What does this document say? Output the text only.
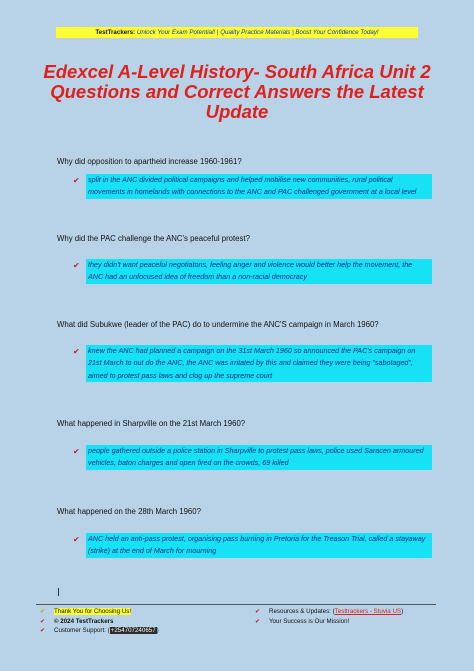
TestTrackers: Unlock Your Exam Potential! | Quality Practice Materials | Boost Your Confidence Today!
Edexcel A-Level History- South Africa Unit 2 Questions and Correct Answers the Latest Update
Why did opposition to apartheid increase 1960-1961?
✔ split in the ANC divided political campaigns and helped mobilise new communities, rural political movements in homelands with connections to the ANC and PAC challenged government at a local level
Why did the PAC challenge the ANC's peaceful protest?
✔ they didn't want peaceful negotiatons, feeling anger and violence would better help the movement, the ANC had an unfocused idea of freedom than a non-racial democracy
What did Subukwe (leader of the PAC) do to undermine the ANC'S campaign in March 1960?
✔ knew the ANC had planned a campaign on the 31st March 1960 so announced the PAC's campaign on 21st March to out do the ANC, the ANC was irritated by this and claimed they were being "sabotaged", aimed to protest pass laws and clog up the supreme court
What happened in Sharpville on the 21st March 1960?
✔ people gathered outside a police station in Sharpville to protest pass laws, police used Saracen armoured vehicles, baton charges and open fired on the crowds, 69 killed
What happened on the 28th March 1960?
✔ ANC held an anti-pass protest, organising pass burning in Pretoria for the Treason Trial, called a stayaway (strike) at the end of March for mourning
✔ Thank You for Choosing Us!
✔ © 2024 TestTrackers
✔ Customer Support: (+254707240657)
✔ Resources & Updates: (Testtrackers - Stuvia US)
✔ Your Success is Our Mission!
